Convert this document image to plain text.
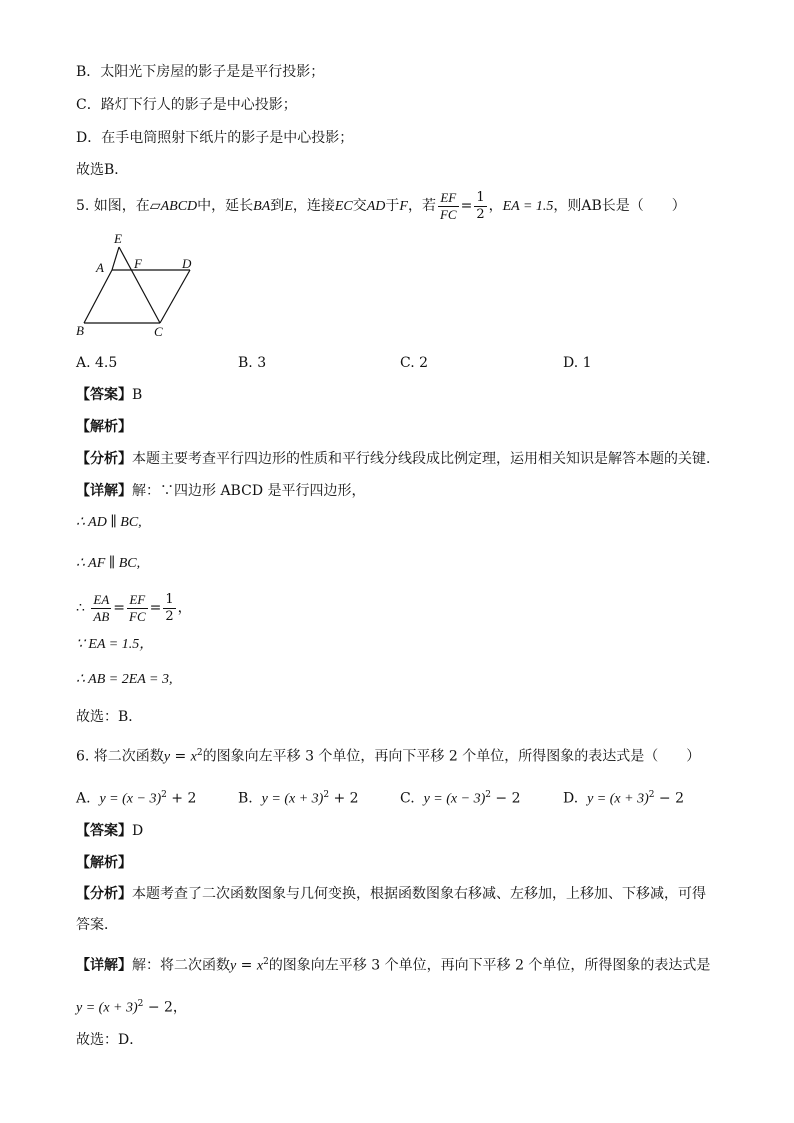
B．太阳光下房屋的影子是是平行投影；
C．路灯下行人的影子是中心投影；
D．在手电筒照射下纸片的影子是中心投影；
故选B．
5. 如图，在▱ABCD中，延长BA到E，连接EC交AD于F，若 $\frac{EF}{FC} = \frac{1}{2}$ ，EA = 1.5，则AB长是（　　）
E
A F	D
B	C
A. 4.5	B. 3	C. 2	D. 1
【答案】B
【解析】
【分析】本题主要考查平行四边形的性质和平行线分线段成比例定理，运用相关知识是解答本题的关键．
【详解】解：∵四边形 ABCD 是平行四边形，
∴ AD ∥ BC,
∴ AF ∥ BC,
∴ $\frac{EA}{AB} = \frac{EF}{FC} = \frac{1}{2}$ ，
∵ EA = 1.5，
∴ AB = 2EA = 3,
故选：B．
6. 将二次函数$y = x^2$的图象向左平移 3 个单位，再向下平移 2 个单位，所得图象的表达式是（　　）
A. $y = (x - 3)^2 + 2$	B. $y = (x + 3)^2 + 2$	C. $y = (x - 3)^2 - 2$	D. $y = (x + 3)^2 - 2$
【答案】D
【解析】
【分析】本题考查了二次函数图象与几何变换，根据函数图象右移减、左移加，上移加、下移减，可得
答案．
【详解】解：将二次函数$y = x^2$的图象向左平移 3 个单位，再向下平移 2 个单位，所得图象的表达式是
$y = (x + 3)^2 - 2$，
故选：D．
